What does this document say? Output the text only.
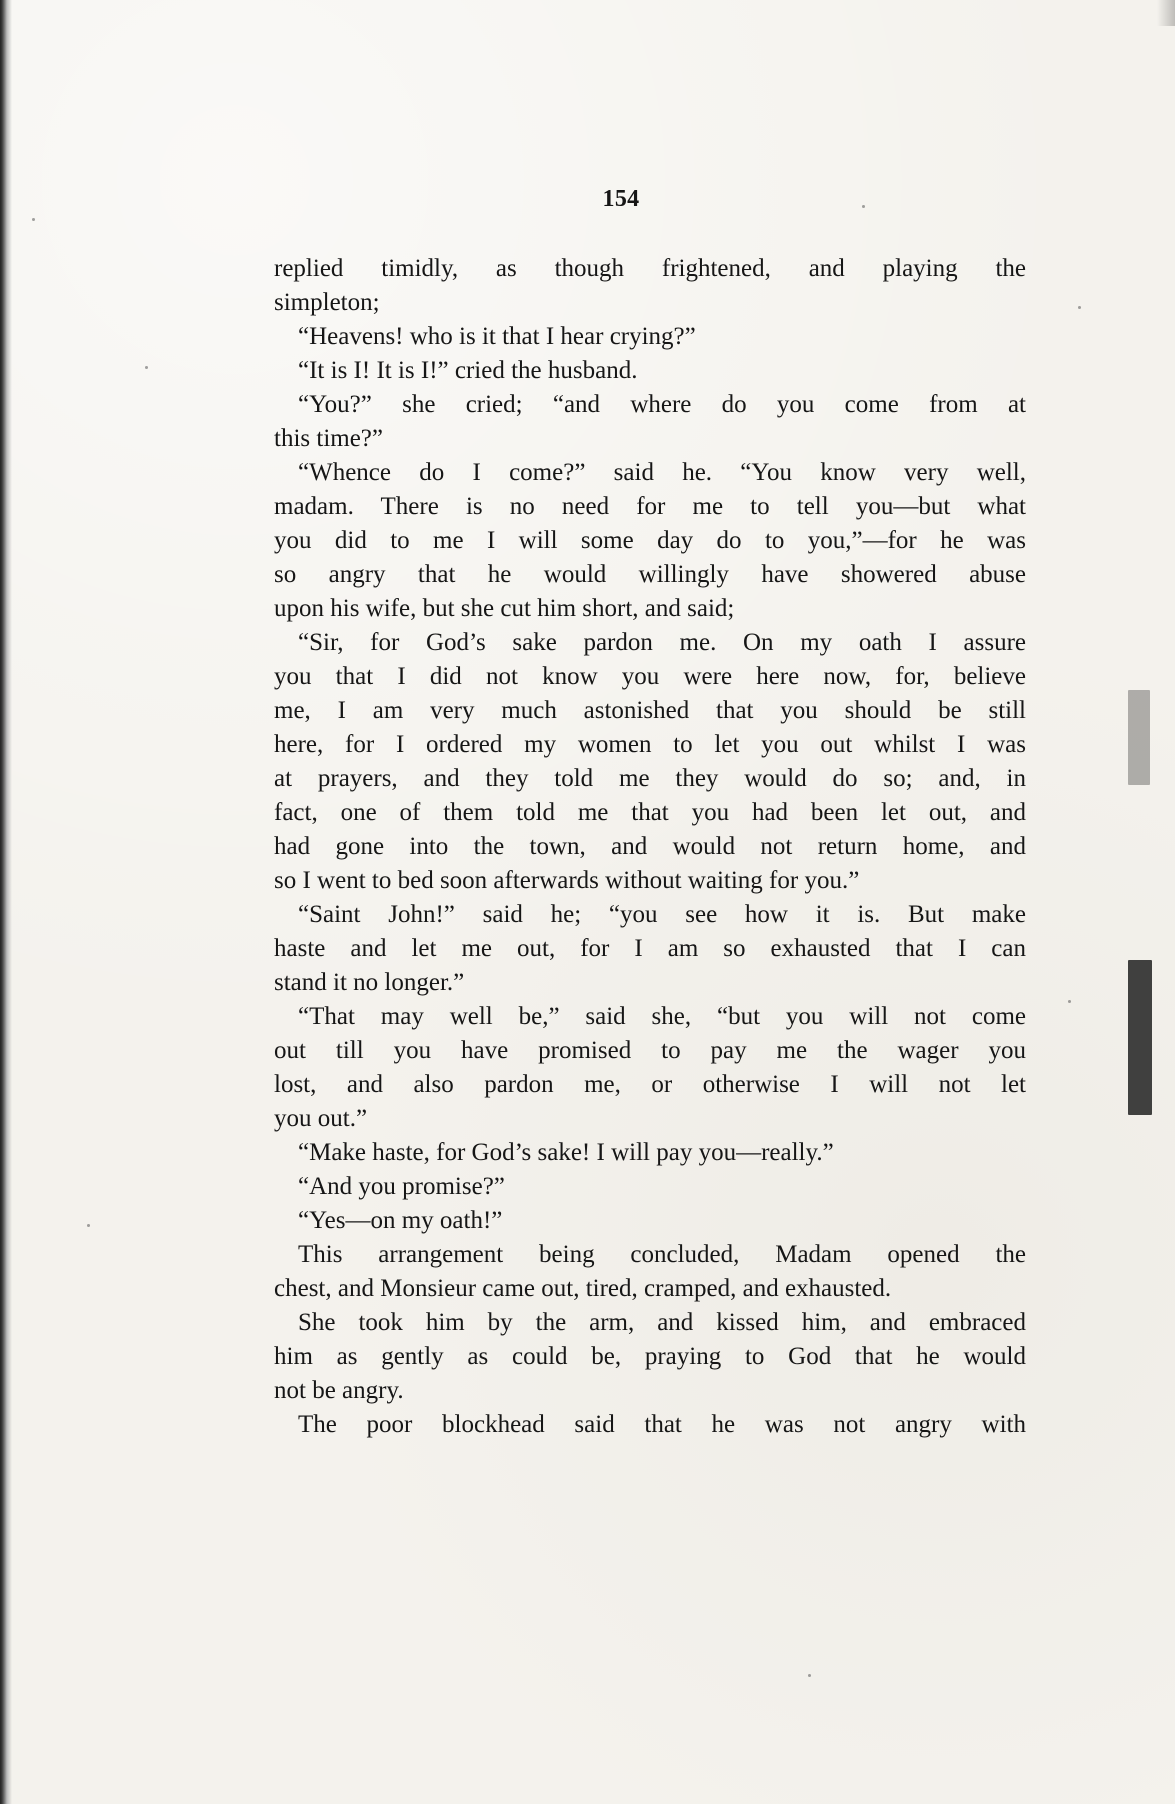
154
replied timidly, as though frightened, and playing the
simpleton;
“Heavens! who is it that I hear crying?”
“It is I! It is I!” cried the husband.
“You?” she cried; “and where do you come from at
this time?”
“Whence do I come?” said he. “You know very well,
madam. There is no need for me to tell you—but what
you did to me I will some day do to you,”—for he was
so angry that he would willingly have showered abuse
upon his wife, but she cut him short, and said;
“Sir, for God’s sake pardon me. On my oath I assure
you that I did not know you were here now, for, believe
me, I am very much astonished that you should be still
here, for I ordered my women to let you out whilst I was
at prayers, and they told me they would do so; and, in
fact, one of them told me that you had been let out, and
had gone into the town, and would not return home, and
so I went to bed soon afterwards without waiting for you.”
“Saint John!” said he; “you see how it is. But make
haste and let me out, for I am so exhausted that I can
stand it no longer.”
“That may well be,” said she, “but you will not come
out till you have promised to pay me the wager you
lost, and also pardon me, or otherwise I will not let
you out.”
“Make haste, for God’s sake! I will pay you—really.”
“And you promise?”
“Yes—on my oath!”
This arrangement being concluded, Madam opened the
chest, and Monsieur came out, tired, cramped, and exhausted.
She took him by the arm, and kissed him, and embraced
him as gently as could be, praying to God that he would
not be angry.
The poor blockhead said that he was not angry with
